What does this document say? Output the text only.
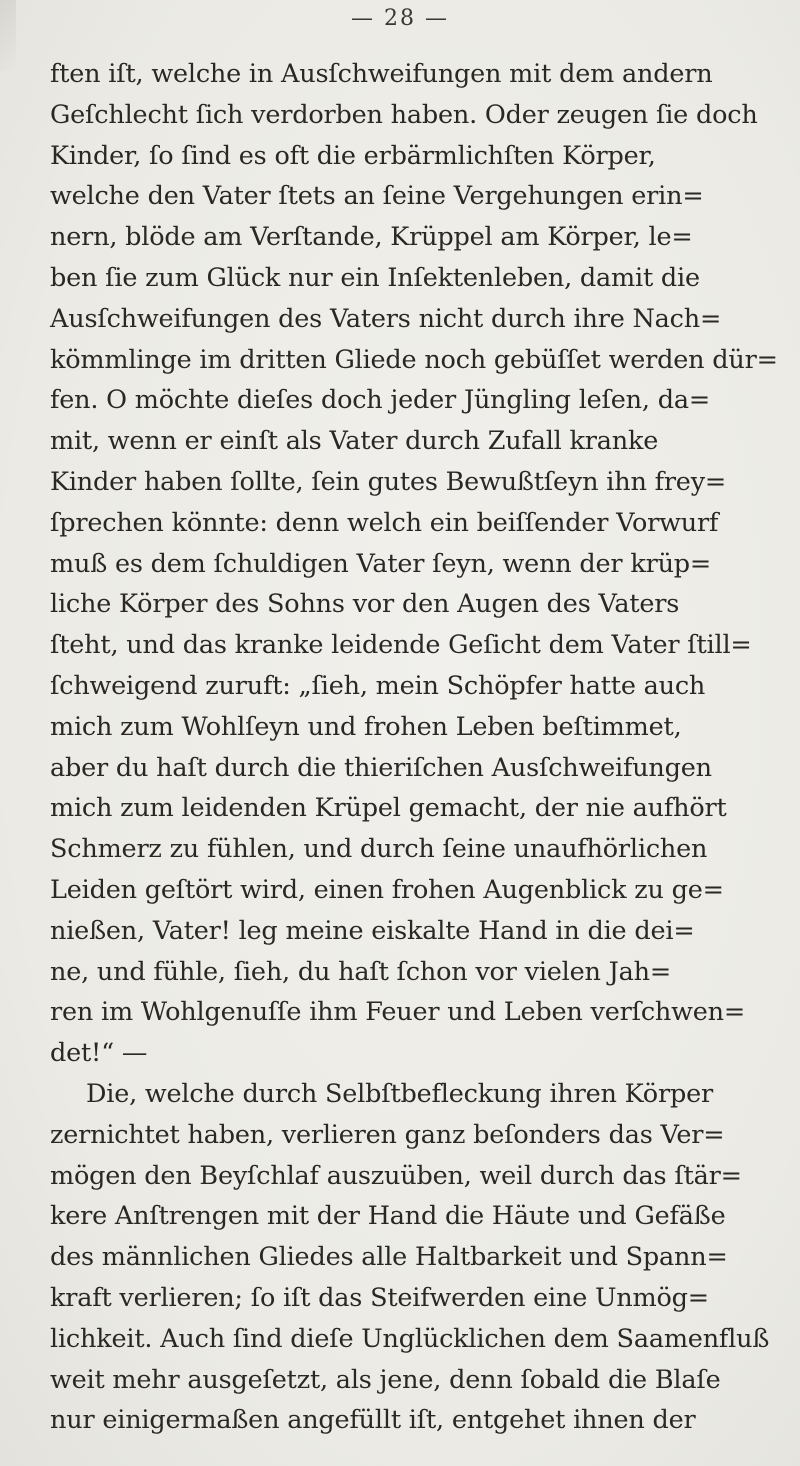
— 28 —
ften iſt, welche in Ausſchweifungen mit dem andern
Geſchlecht ſich verdorben haben. Oder zeugen ſie doch
Kinder, ſo ſind es oft die erbärmlichſten Körper,
welche den Vater ſtets an ſeine Vergehungen erin=
nern, blöde am Verſtande, Krüppel am Körper, le=
ben ſie zum Glück nur ein Inſektenleben, damit die
Ausſchweifungen des Vaters nicht durch ihre Nach=
kömmlinge im dritten Gliede noch gebüſſet werden dür=
fen. O möchte dieſes doch jeder Jüngling leſen, da=
mit, wenn er einſt als Vater durch Zufall kranke
Kinder haben ſollte, ſein gutes Bewußtſeyn ihn frey=
ſprechen könnte: denn welch ein beiſſender Vorwurf
muß es dem ſchuldigen Vater ſeyn, wenn der krüp=
liche Körper des Sohns vor den Augen des Vaters
ſteht, und das kranke leidende Geſicht dem Vater ſtill=
ſchweigend zuruft: „ſieh, mein Schöpfer hatte auch
mich zum Wohlſeyn und frohen Leben beſtimmet,
aber du haſt durch die thieriſchen Ausſchweifungen
mich zum leidenden Krüpel gemacht, der nie aufhört
Schmerz zu fühlen, und durch ſeine unaufhörlichen
Leiden geſtört wird, einen frohen Augenblick zu ge=
nießen, Vater! leg meine eiskalte Hand in die dei=
ne, und fühle, ſieh, du haſt ſchon vor vielen Jah=
ren im Wohlgenuſſe ihm Feuer und Leben verſchwen=
det!“ —
Die, welche durch Selbſtbefleckung ihren Körper
zernichtet haben, verlieren ganz beſonders das Ver=
mögen den Beyſchlaf auszuüben, weil durch das ſtär=
kere Anſtrengen mit der Hand die Häute und Gefäße
des männlichen Gliedes alle Haltbarkeit und Spann=
kraft verlieren; ſo iſt das Steifwerden eine Unmög=
lichkeit. Auch ſind dieſe Unglücklichen dem Saamenfluß
weit mehr ausgeſetzt, als jene, denn ſobald die Blaſe
nur einigermaßen angefüllt iſt, entgehet ihnen der
